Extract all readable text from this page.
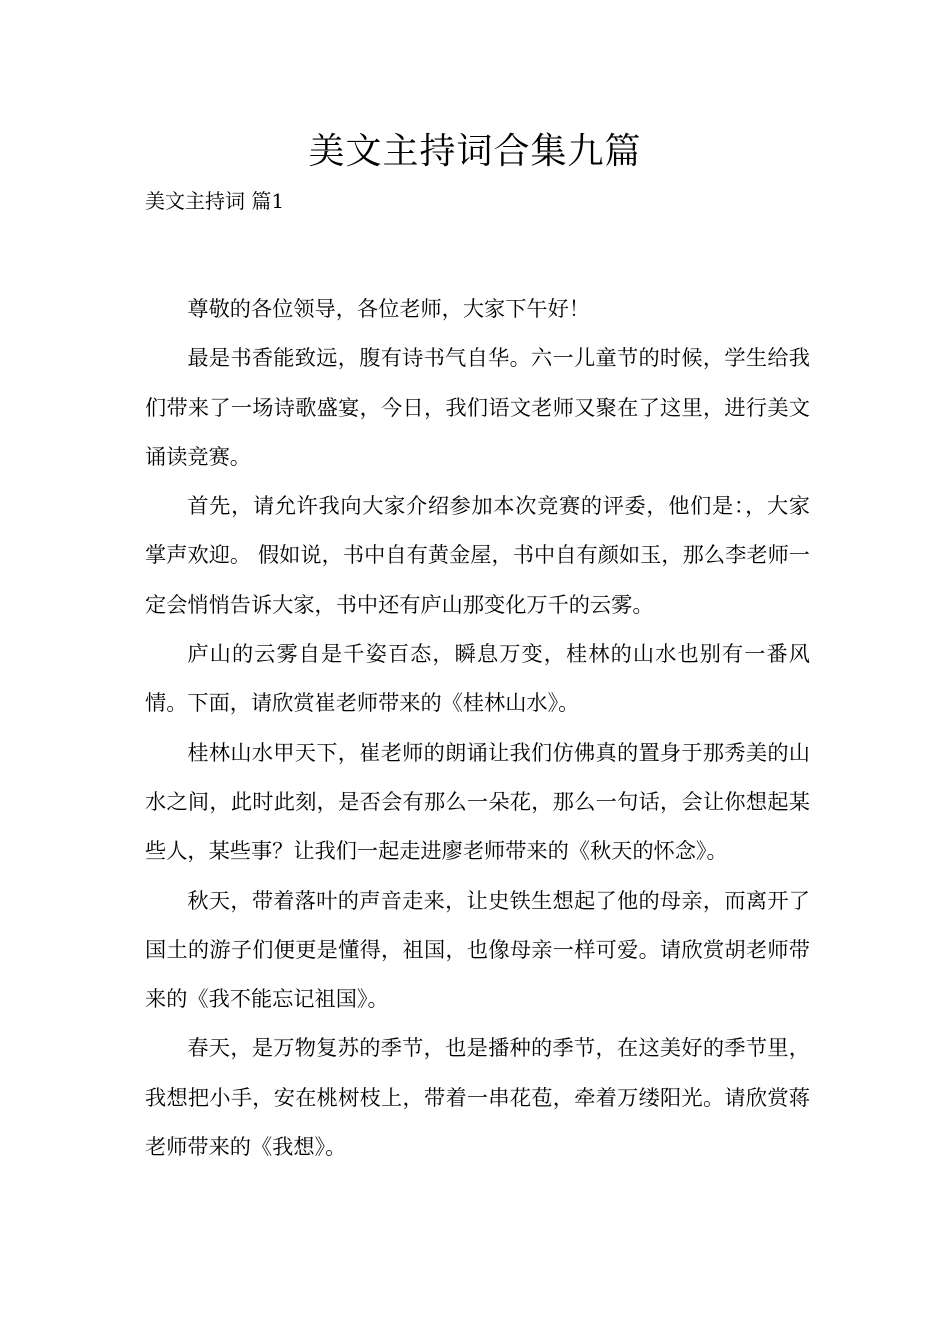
美文主持词合集九篇
美文主持词 篇1

尊敬的各位领导，各位老师，大家下午好！

最是书香能致远，腹有诗书气自华。六一儿童节的时候，学生给我们带来了一场诗歌盛宴，今日，我们语文老师又聚在了这里，进行美文诵读竞赛。

首先，请允许我向大家介绍参加本次竞赛的评委，他们是：，大家掌声欢迎。 假如说，书中自有黄金屋，书中自有颜如玉，那么李老师一定会悄悄告诉大家，书中还有庐山那变化万千的云雾。

庐山的云雾自是千姿百态，瞬息万变，桂林的山水也别有一番风情。下面，请欣赏崔老师带来的《桂林山水》。

桂林山水甲天下，崔老师的朗诵让我们仿佛真的置身于那秀美的山水之间，此时此刻，是否会有那么一朵花，那么一句话，会让你想起某些人，某些事？让我们一起走进廖老师带来的《秋天的怀念》。

秋天，带着落叶的声音走来，让史铁生想起了他的母亲，而离开了国土的游子们便更是懂得，祖国，也像母亲一样可爱。请欣赏胡老师带来的《我不能忘记祖国》。

春天，是万物复苏的季节，也是播种的季节，在这美好的季节里，我想把小手，安在桃树枝上，带着一串花苞，牵着万缕阳光。请欣赏蒋老师带来的《我想》。
